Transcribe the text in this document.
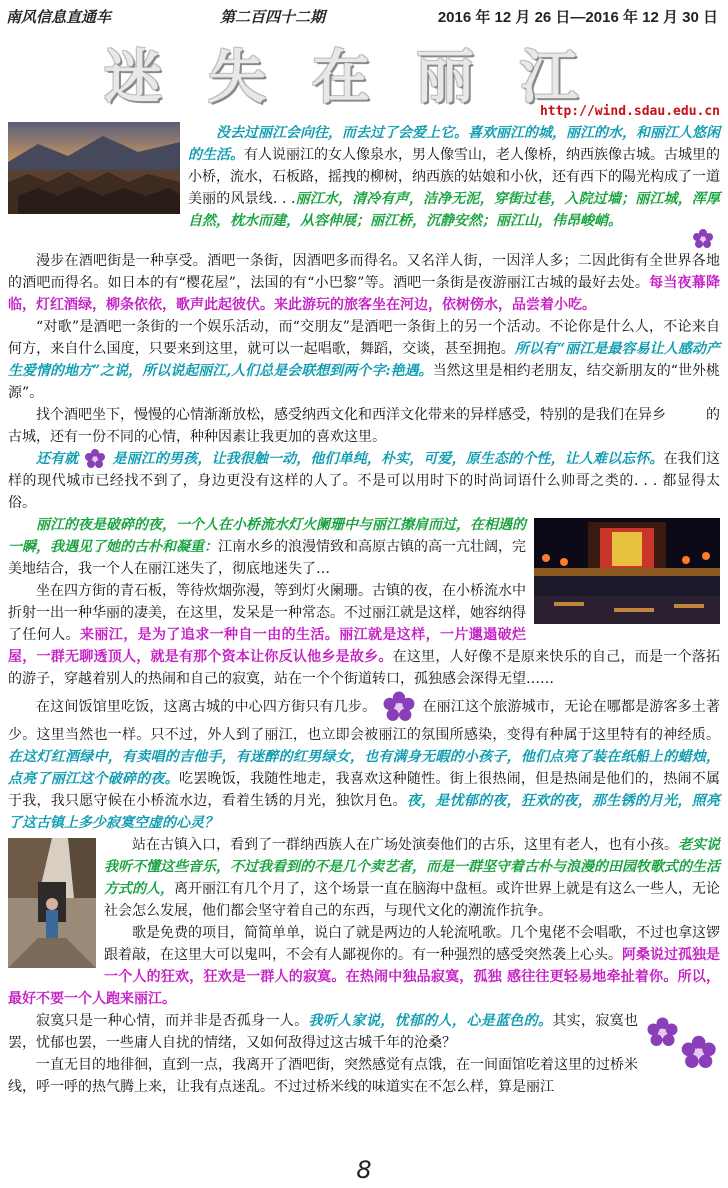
南风信息直通车	第二百四十二期	2016 年 12 月 26 日—2016 年 12 月 30 日
迷失在丽江
http://wind.sdau.edu.cn

没去过丽江会向往，而去过了会爱上它。喜欢丽江的城，丽江的水，和丽江人悠闲的生活。有人说丽江的女人像泉水，男人像雪山，老人像桥，纳西族像古城。古城里的小桥，流水，石板路，摇拽的柳树，纳西族的姑娘和小伙，还有西下的陽光构成了一道美丽的风景线. . .丽江水，清冷有声，洁净无泥，穿街过巷，入院过墙；丽江城，浑厚自然，枕水而建，从容伸展；丽江桥，沉静安然；丽江山，伟昂峻峭。

漫步在酒吧街是一种享受。酒吧一条街，因酒吧多而得名。又名洋人街，一因洋人多；二因此街有全世界各地的酒吧而得名。如日本的有“樱花屋”，法国的有“小巴黎”等。酒吧一条街是夜游丽江古城的最好去处。每当夜幕降临，灯红酒绿，柳条依依，歌声此起彼伏。来此游玩的旅客坐在河边，依树傍水，品尝着小吃。

“对歌”是酒吧一条街的一个娱乐活动，而“交朋友”是酒吧一条街上的另一个活动。不论你是什么人，不论来自何方，来自什么国度，只要来到这里，就可以一起唱歌，舞蹈，交谈，甚至拥抱。所以有“丽江是最容易让人感动产生爱情的地方”之说，所以说起丽江,人们总是会联想到两个字:艳遇。当然这里是相约老朋友，结交新朋友的“世外桃源”。

找个酒吧坐下，慢慢的心情渐渐放松，感受纳西文化和西洋文化带来的异样感受，特别的是我们在异乡	的古城，还有一份不同的心情，种种因素让我更加的喜欢这里。

还有就 是丽江的男孩，让我很触一动，他们单纯，朴实，可爱，原生态的个性，让人难以忘怀。在我们这样的现代城市已经找不到了，身边更没有这样的人了。不是可以用时下的时尚词语什么帅哥之类的. . . 都显得太俗。

丽江的夜是破碎的夜，一个人在小桥流水灯火阑珊中与丽江擦肩而过，在相遇的一瞬，我遇见了她的古朴和凝重：江南水乡的浪漫情致和高原古镇的高一亢壮阔，完美地结合，我一个人在丽江迷失了，彻底地迷失了…

坐在四方街的青石板，等待炊烟弥漫，等到灯火阑珊。古镇的夜，在小桥流水中折射一出一种华丽的凄美，在这里，发呆是一种常态。不过丽江就是这样，她容纳得了任何人。来丽江，是为了追求一种自一由的生活。丽江就是这样，一片邋遢破烂屋，一群无聊透顶人，就是有那个资本让你反认他乡是故乡。在这里，人好像不是原来快乐的自己，而是一个落拓的游子，穿越着别人的热闹和自己的寂寞，站在一个个街道转口，孤独感会深得无望……

在这间饭馆里吃饭，这离古城的中心四方街只有几步。	在丽江这个旅游城市，无论在哪都是游客多土著少。这里当然也一样。只不过，外人到了丽江，也立即会被丽江的氛围所感染，变得有种属于这里特有的神经质。在这灯红酒绿中，有卖唱的吉他手，有迷醉的红男绿女，也有满身无暇的小孩子，他们点亮了装在纸船上的蜡烛，点亮了丽江这个破碎的夜。吃罢晚饭，我随性地走，我喜欢这种随性。街上很热闹，但是热闹是他们的，热闹不属于我，我只愿守候在小桥流水边，看着生锈的月光，独饮月色。夜，是忧郁的夜，狂欢的夜，那生锈的月光，照亮了这古镇上多少寂寞空虚的心灵？

站在古镇入口，看到了一群纳西族人在广场处演奏他们的古乐，这里有老人，也有小孩。老实说我听不懂这些音乐，不过我看到的不是几个卖艺者，而是一群坚守着古朴与浪漫的田园牧歌式的生活方式的人，离开丽江有几个月了，这个场景一直在脑海中盘桓。或许世界上就是有这么一些人，无论社会怎么发展，他们都会坚守着自己的东西，与现代文化的潮流作抗争。

歌是免费的项目，简简单单，说白了就是两边的人轮流吼歌。几个鬼佬不会唱歌，不过也拿这锣跟着敲，在这里大可以鬼叫，不会有人鄙视你的。有一种强烈的感受突然袭上心头。阿桑说过孤独是一个人的狂欢，狂欢是一群人的寂寞。在热闹中独品寂寞，孤独 感往往更轻易地牵扯着你。所以，最好不要一个人跑来丽江。

寂寞只是一种心情，而并非是否孤身一人。我听人家说，忧郁的人，心是蓝色的。其实，寂寞也罢，忧郁也罢，一些庸人自扰的情绪，又如何敌得过这古城千年的沧桑？

一直无目的地徘徊，直到一点，我离开了酒吧街，突然感觉有点饿，在一间面馆吃着这里的过桥米线，呼一呼的热气腾上来，让我有点迷乱。不过过桥米线的味道实在不怎么样，算是丽江

8
